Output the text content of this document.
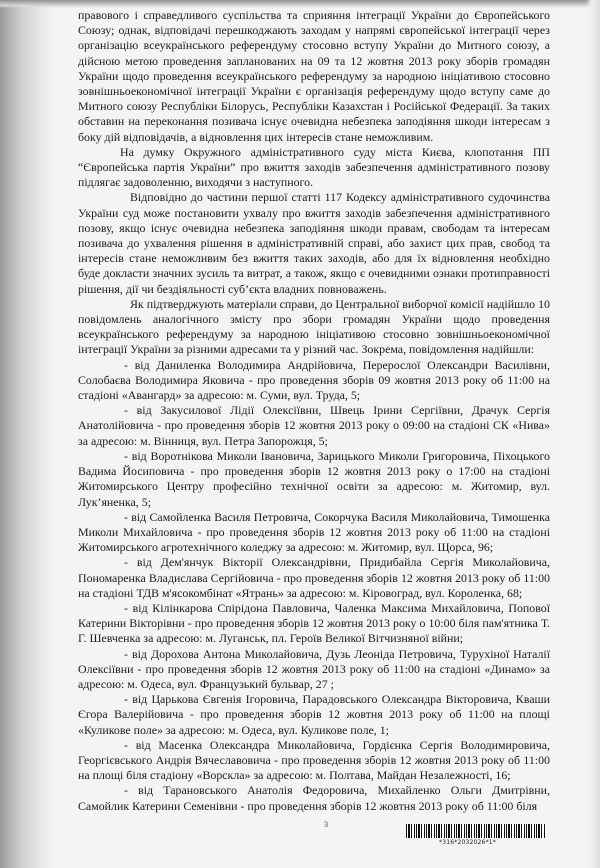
правового і справедливого суспільства та сприяння інтеграції України до Європейського Союзу; однак, відповідачі перешкоджають заходам у напрямі європейської інтеграції через організацію всеукраїнського референдуму стосовно вступу України до Митного союзу, а дійсною метою проведення запланованих на 09 та 12 жовтня 2013 року зборів громадян України щодо проведення всеукраїнського референдуму за народною ініціативою стосовно зовнішньоекономічної інтеграції України є організація референдуму щодо вступу саме до Митного союзу Республіки Білорусь, Республіки Казахстан і Російської Федерації. За таких обставин на переконання позивача існує очевидна небезпека заподіяння шкоди інтересам з боку дій відповідачів, а відновлення цих інтересів стане неможливим.

На думку Окружного адміністративного суду міста Києва, клопотання ПП “Європейська партія України” про вжиття заходів забезпечення адміністративного позову підлягає задоволенню, виходячи з наступного.

Відповідно до частини першої статті 117 Кодексу адміністративного судочинства України суд може постановити ухвалу про вжиття заходів забезпечення адміністративного позову, якщо існує очевидна небезпека заподіяння шкоди правам, свободам та інтересам позивача до ухвалення рішення в адміністративній справі, або захист цих прав, свобод та інтересів стане неможливим без вжиття таких заходів, або для їх відновлення необхідно буде докласти значних зусиль та витрат, а також, якщо є очевидними ознаки протиправності рішення, дії чи бездіяльності суб’єкта владних повноважень.

Як підтверджують матеріали справи, до Центральної виборчої комісії надійшло 10 повідомлень аналогічного змісту про збори громадян України щодо проведення всеукраїнського референдуму за народною ініціативою стосовно зовнішньоекономічної інтеграції України за різними адресами та у різний час. Зокрема, повідомлення надійшли:

- від Даниленка Володимира Андрійовича, Перерослої Олександри Василівни, Солобаєва Володимира Яковича - про проведення зборів 09 жовтня 2013 року об 11:00 на стадіоні «Авангард» за адресою: м. Суми, вул. Труда, 5;

- від Закусилової Лідії Олексіївни, Швець Ірини Сергіївни, Драчук Сергія Анатолійовича - про проведення зборів 12 жовтня 2013 року о 09:00 на стадіоні СК «Нива» за адресою: м. Вінниця, вул. Петра Запорожця, 5;

- від Воротнікова Миколи Івановича, Зарицького Миколи Григоровича, Піхоцького Вадима Йосиповича - про проведення зборів 12 жовтня 2013 року о 17:00 на стадіоні Житомирського Центру професійно технічної освіти за адресою: м. Житомир, вул. Лук’яненка, 5;

- від Самойленка Василя Петровича, Сокорчука Василя Миколайовича, Тимошенка Миколи Михайловича - про проведення зборів 12 жовтня 2013 року об 11:00 на стадіоні Житомирського агротехнічного коледжу за адресою: м. Житомир, вул. Щорса, 96;

- від Дем'янчук Вікторії Олександрівни, Придибайла Сергія Миколайовича, Пономаренка Владислава Сергійовича - про проведення зборів 12 жовтня 2013 року об 11:00 на стадіоні ТДВ м'ясокомбінат «Ятрань» за адресою: м. Кіровоград, вул. Короленка, 68;

- від Кілінкарова Спірідона Павловича, Чаленка Максима Михайловича, Попової Катерини Вікторівни - про проведення зборів 12 жовтня 2013 року о 10:00 біля пам'ятника Т. Г. Шевченка за адресою: м. Луганськ, пл. Героїв Великої Вітчизняної війни;

- від Дорохова Антона Миколайовича, Дузь Леоніда Петровича, Турухіної Наталії Олексіївни - про проведення зборів 12 жовтня 2013 року об 11:00 на стадіоні «Динамо» за адресою: м. Одеса, вул. Французький бульвар, 27 ;

- від Царькова Євгенія Ігоровича, Парадовського Олександра Вікторовича, Кваши Єгора Валерійовича - про проведення зборів 12 жовтня 2013 року об 11:00 на площі «Куликове поле» за адресою: м. Одеса, вул. Куликове поле, 1;

- від Масенка Олександра Миколайовича, Гордієнка Сергія Володимировича, Георгієвського Андрія Вячеславовича - про проведення зборів 12 жовтня 2013 року об 11:00 на площі біля стадіону «Ворскла» за адресою: м. Полтава, Майдан Незалежності, 16;

- від Тарановського Анатолія Федоровича, Михайленко Ольги Дмитрівни, Самойлик Катерини Семенівни - про проведення зборів 12 жовтня 2013 року об 11:00 біля

3
*316*2032026*1*
